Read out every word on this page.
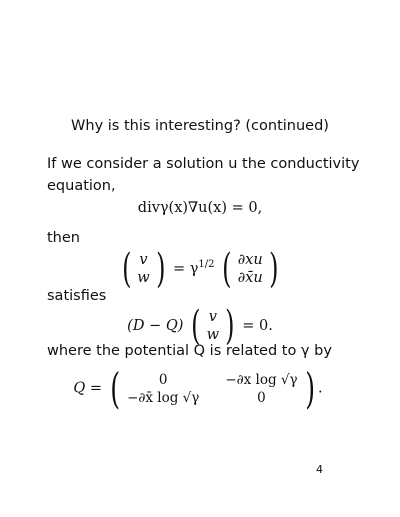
Why is this interesting? (continued)
If we consider a solution u the conductivity
equation,
divγ(x)∇u(x) = 0,
then
( v
w ) = $\gamma^{1/2}$ ( ∂xu
∂x̄u )
satisfies
(D − Q) ( v
w ) = 0.
where the potential Q is related to γ by
Q = (	0	−∂x log √γ
−∂x̄ log √γ	0 ) .
4
